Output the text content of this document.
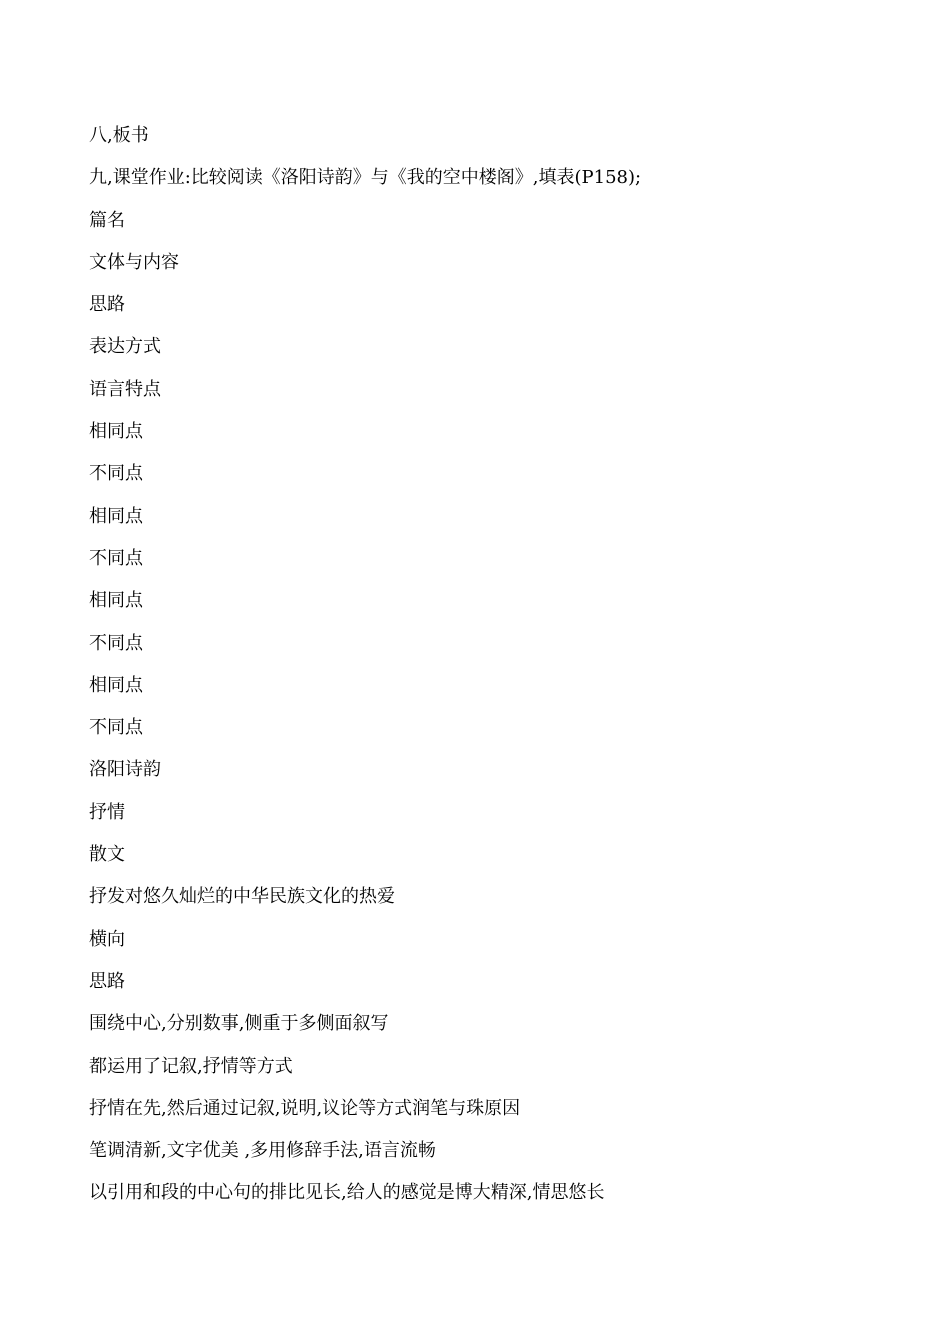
八,板书
九,课堂作业:比较阅读《洛阳诗韵》与《我的空中楼阁》,填表(P158);
篇名
文体与内容
思路
表达方式
语言特点
相同点
不同点
相同点
不同点
相同点
不同点
相同点
不同点
洛阳诗韵
抒情
散文
抒发对悠久灿烂的中华民族文化的热爱
横向
思路
围绕中心,分别数事,侧重于多侧面叙写
都运用了记叙,抒情等方式
抒情在先,然后通过记叙,说明,议论等方式润笔与珠原因
笔调清新,文字优美 ,多用修辞手法,语言流畅
以引用和段的中心句的排比见长,给人的感觉是博大精深,情思悠长
